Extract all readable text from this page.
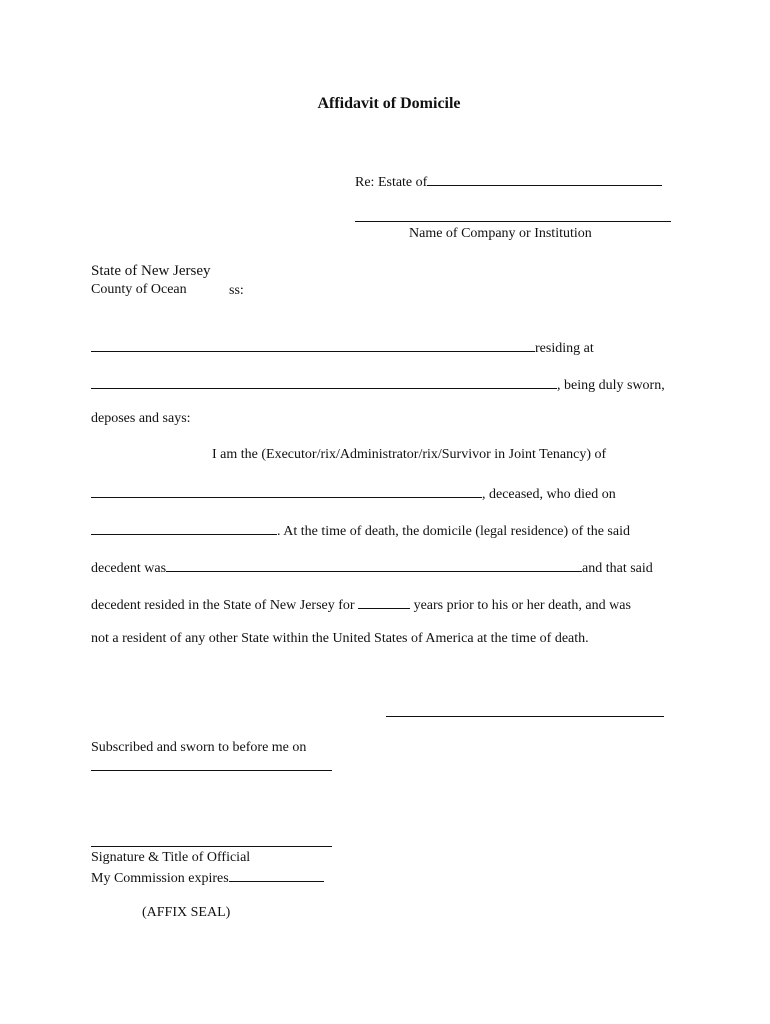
Affidavit of Domicile
Re: Estate of
Name of Company or Institution
State of New Jersey
County of Ocean	ss:
residing at
, being duly sworn,
deposes and says:
I am the (Executor/rix/Administrator/rix/Survivor in Joint Tenancy) of
, deceased, who died on
. At the time of death, the domicile (legal residence) of the said
decedent was	and that said
decedent resided in the State of New Jersey for	years prior to his or her death, and was
not a resident of any other State within the United States of America at the time of death.
Subscribed and sworn to before me on
Signature & Title of Official
My Commission expires
(AFFIX SEAL)
